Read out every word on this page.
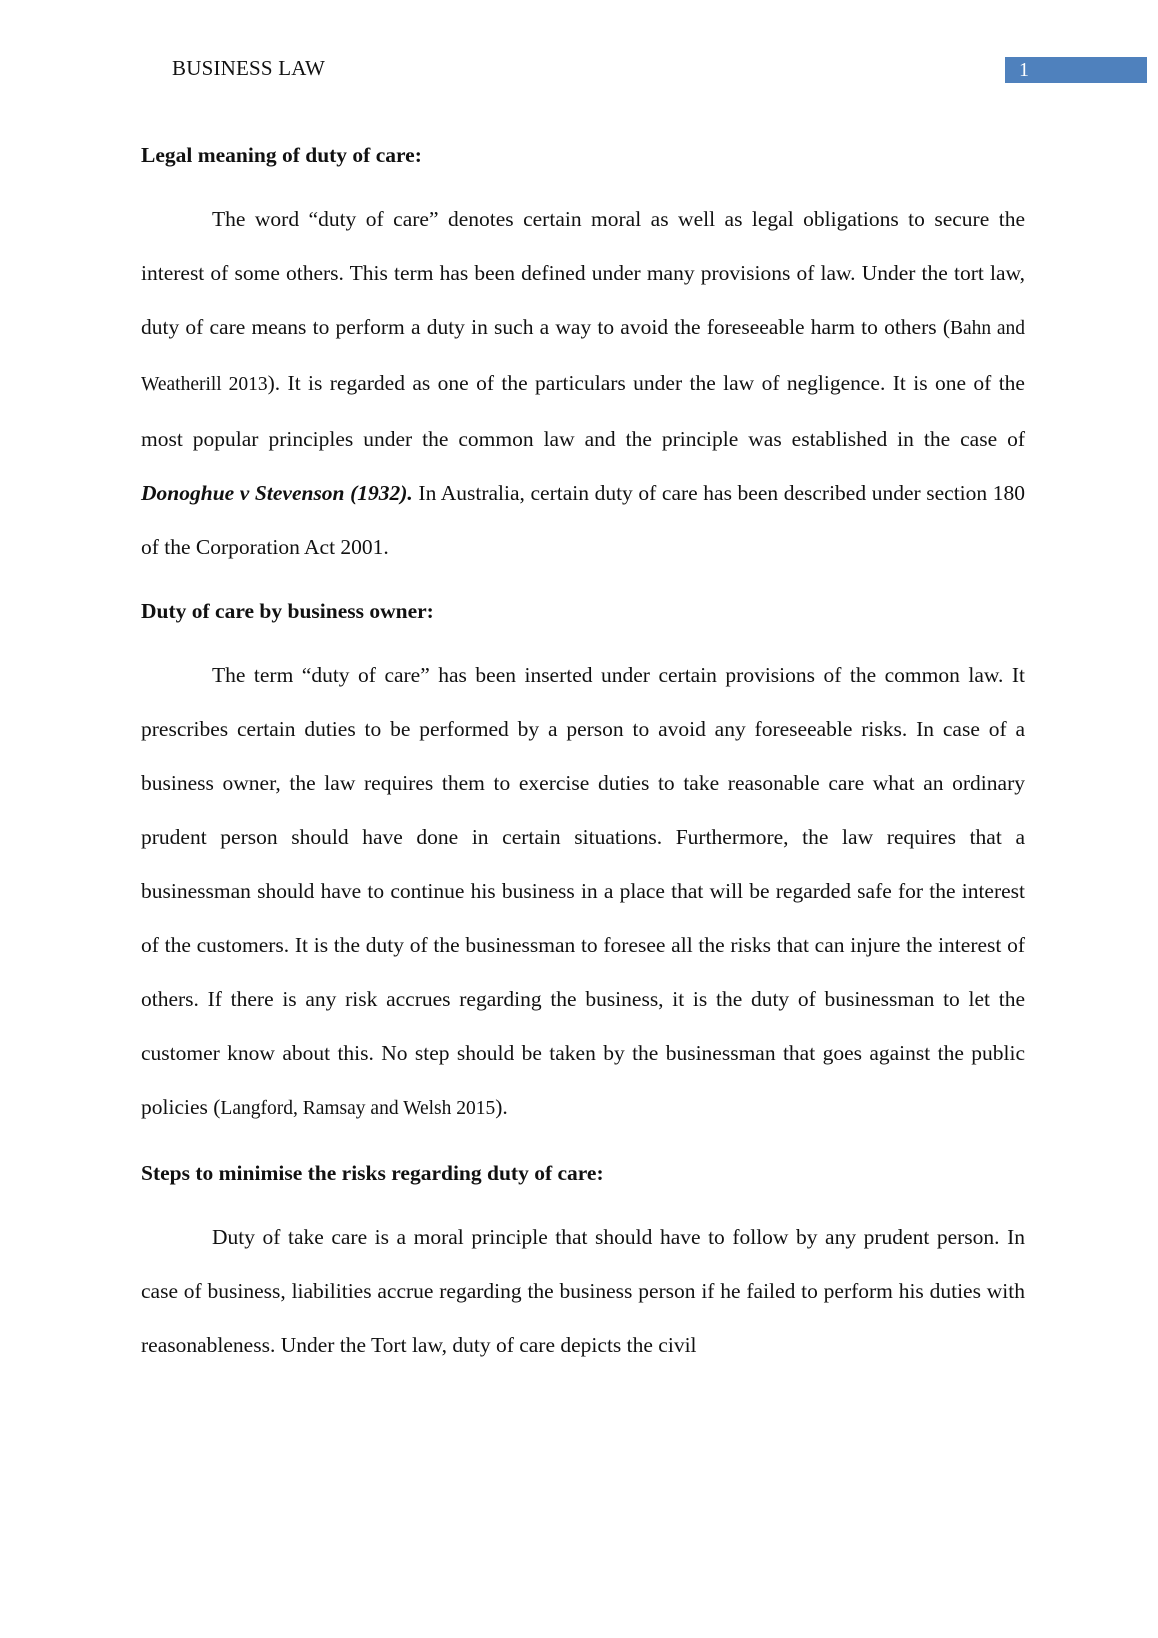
BUSINESS LAW	1

Legal meaning of duty of care:

The word “duty of care” denotes certain moral as well as legal obligations to secure the interest of some others. This term has been defined under many provisions of law. Under the tort law, duty of care means to perform a duty in such a way to avoid the foreseeable harm to others (Bahn and Weatherill 2013). It is regarded as one of the particulars under the law of negligence. It is one of the most popular principles under the common law and the principle was established in the case of Donoghue v Stevenson (1932). In Australia, certain duty of care has been described under section 180 of the Corporation Act 2001.

Duty of care by business owner:

The term “duty of care” has been inserted under certain provisions of the common law. It prescribes certain duties to be performed by a person to avoid any foreseeable risks. In case of a business owner, the law requires them to exercise duties to take reasonable care what an ordinary prudent person should have done in certain situations. Furthermore, the law requires that a businessman should have to continue his business in a place that will be regarded safe for the interest of the customers. It is the duty of the businessman to foresee all the risks that can injure the interest of others. If there is any risk accrues regarding the business, it is the duty of businessman to let the customer know about this. No step should be taken by the businessman that goes against the public policies (Langford, Ramsay and Welsh 2015).

Steps to minimise the risks regarding duty of care:

Duty of take care is a moral principle that should have to follow by any prudent person. In case of business, liabilities accrue regarding the business person if he failed to perform his duties with reasonableness. Under the Tort law, duty of care depicts the civil
